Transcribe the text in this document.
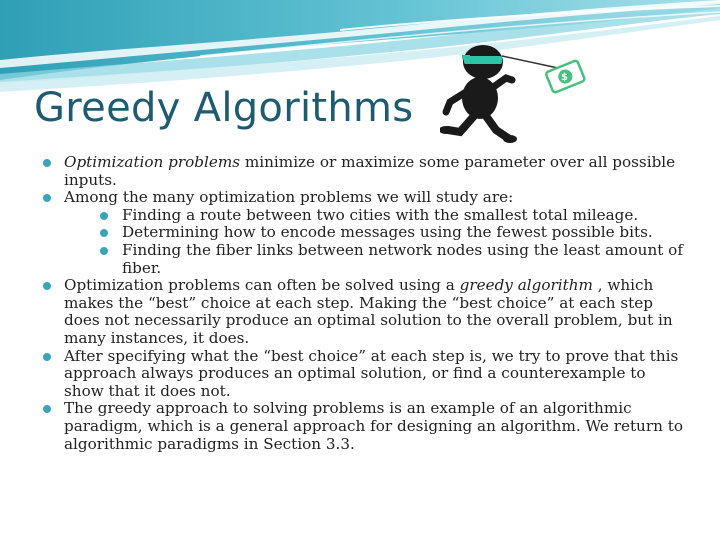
Greedy Algorithms
$
Optimization problems minimize or maximize some parameter over all possible inputs.
Among the many optimization problems we will study are:
Finding a route between two cities with the smallest total mileage.
Determining how to encode messages using the fewest possible bits.
Finding the fiber links between network nodes using the least amount of fiber.
Optimization problems can often be solved using a greedy algorithm , which makes the “best” choice at each step. Making the “best choice” at each step does not necessarily produce an optimal solution to the overall problem, but in many instances, it does.
After specifying what the “best choice” at each step is, we try to prove that this approach always produces an optimal solution, or find a counterexample to show that it does not.
The greedy approach to solving problems is an example of an algorithmic paradigm, which is a general approach for designing an algorithm. We return to algorithmic paradigms in Section 3.3.
